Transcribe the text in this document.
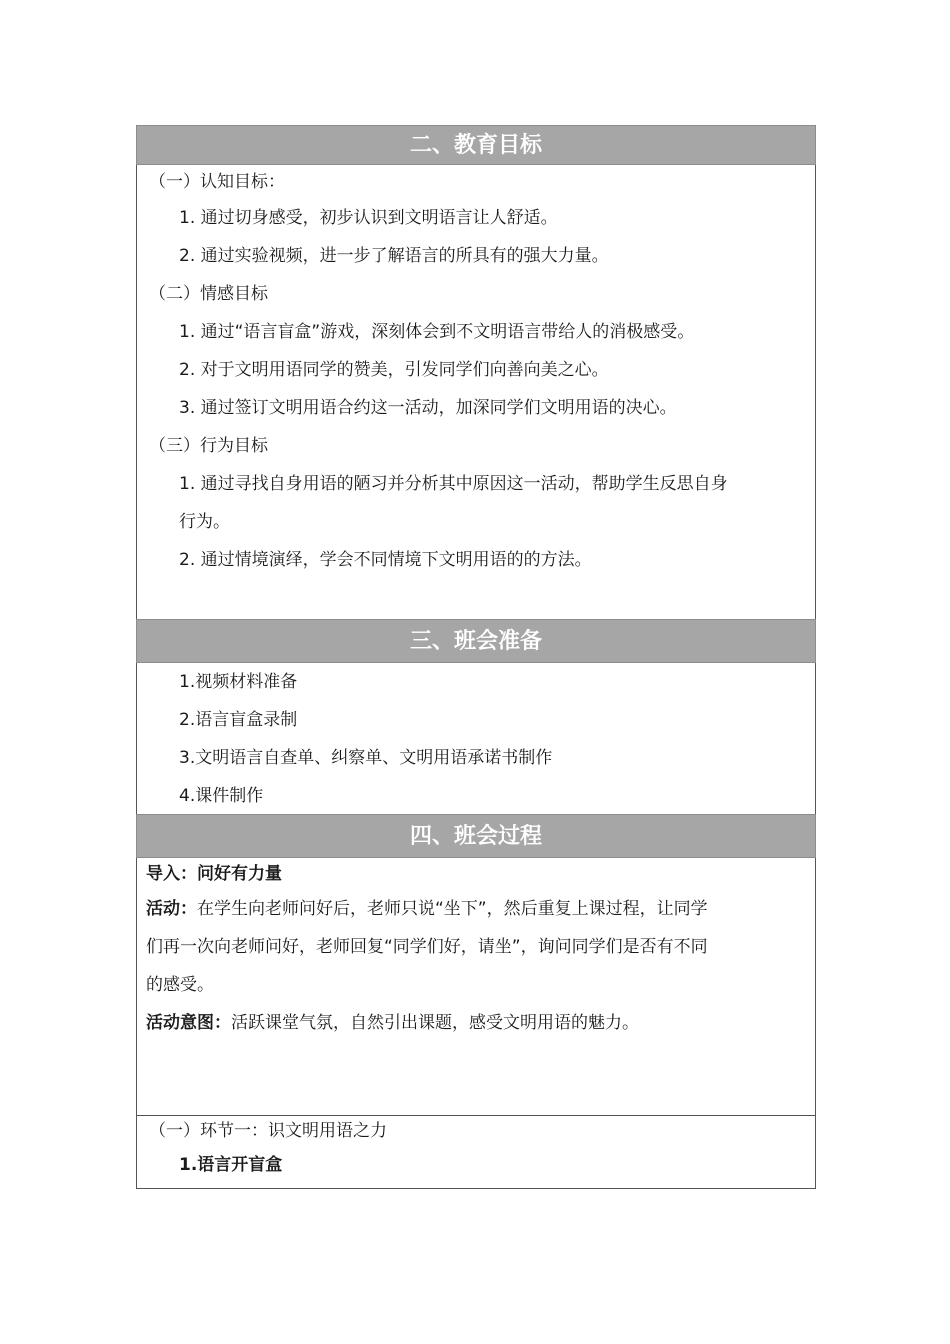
二、教育目标
（一）认知目标：
1. 通过切身感受，初步认识到文明语言让人舒适。
2. 通过实验视频，进一步了解语言的所具有的强大力量。
（二）情感目标
1. 通过“语言盲盒”游戏，深刻体会到不文明语言带给人的消极感受。
2. 对于文明用语同学的赞美，引发同学们向善向美之心。
3. 通过签订文明用语合约这一活动，加深同学们文明用语的决心。
（三）行为目标
1. 通过寻找自身用语的陋习并分析其中原因这一活动，帮助学生反思自身
行为。
2. 通过情境演绎，学会不同情境下文明用语的的方法。
三、班会准备
1.视频材料准备
2.语言盲盒录制
3.文明语言自查单、纠察单、文明用语承诺书制作
4.课件制作
四、班会过程
导入：问好有力量
活动：在学生向老师问好后，老师只说“坐下”，然后重复上课过程，让同学
们再一次向老师问好，老师回复“同学们好，请坐”，询问同学们是否有不同
的感受。
活动意图：活跃课堂气氛，自然引出课题，感受文明用语的魅力。
（一）环节一：识文明用语之力
1.语言开盲盒
